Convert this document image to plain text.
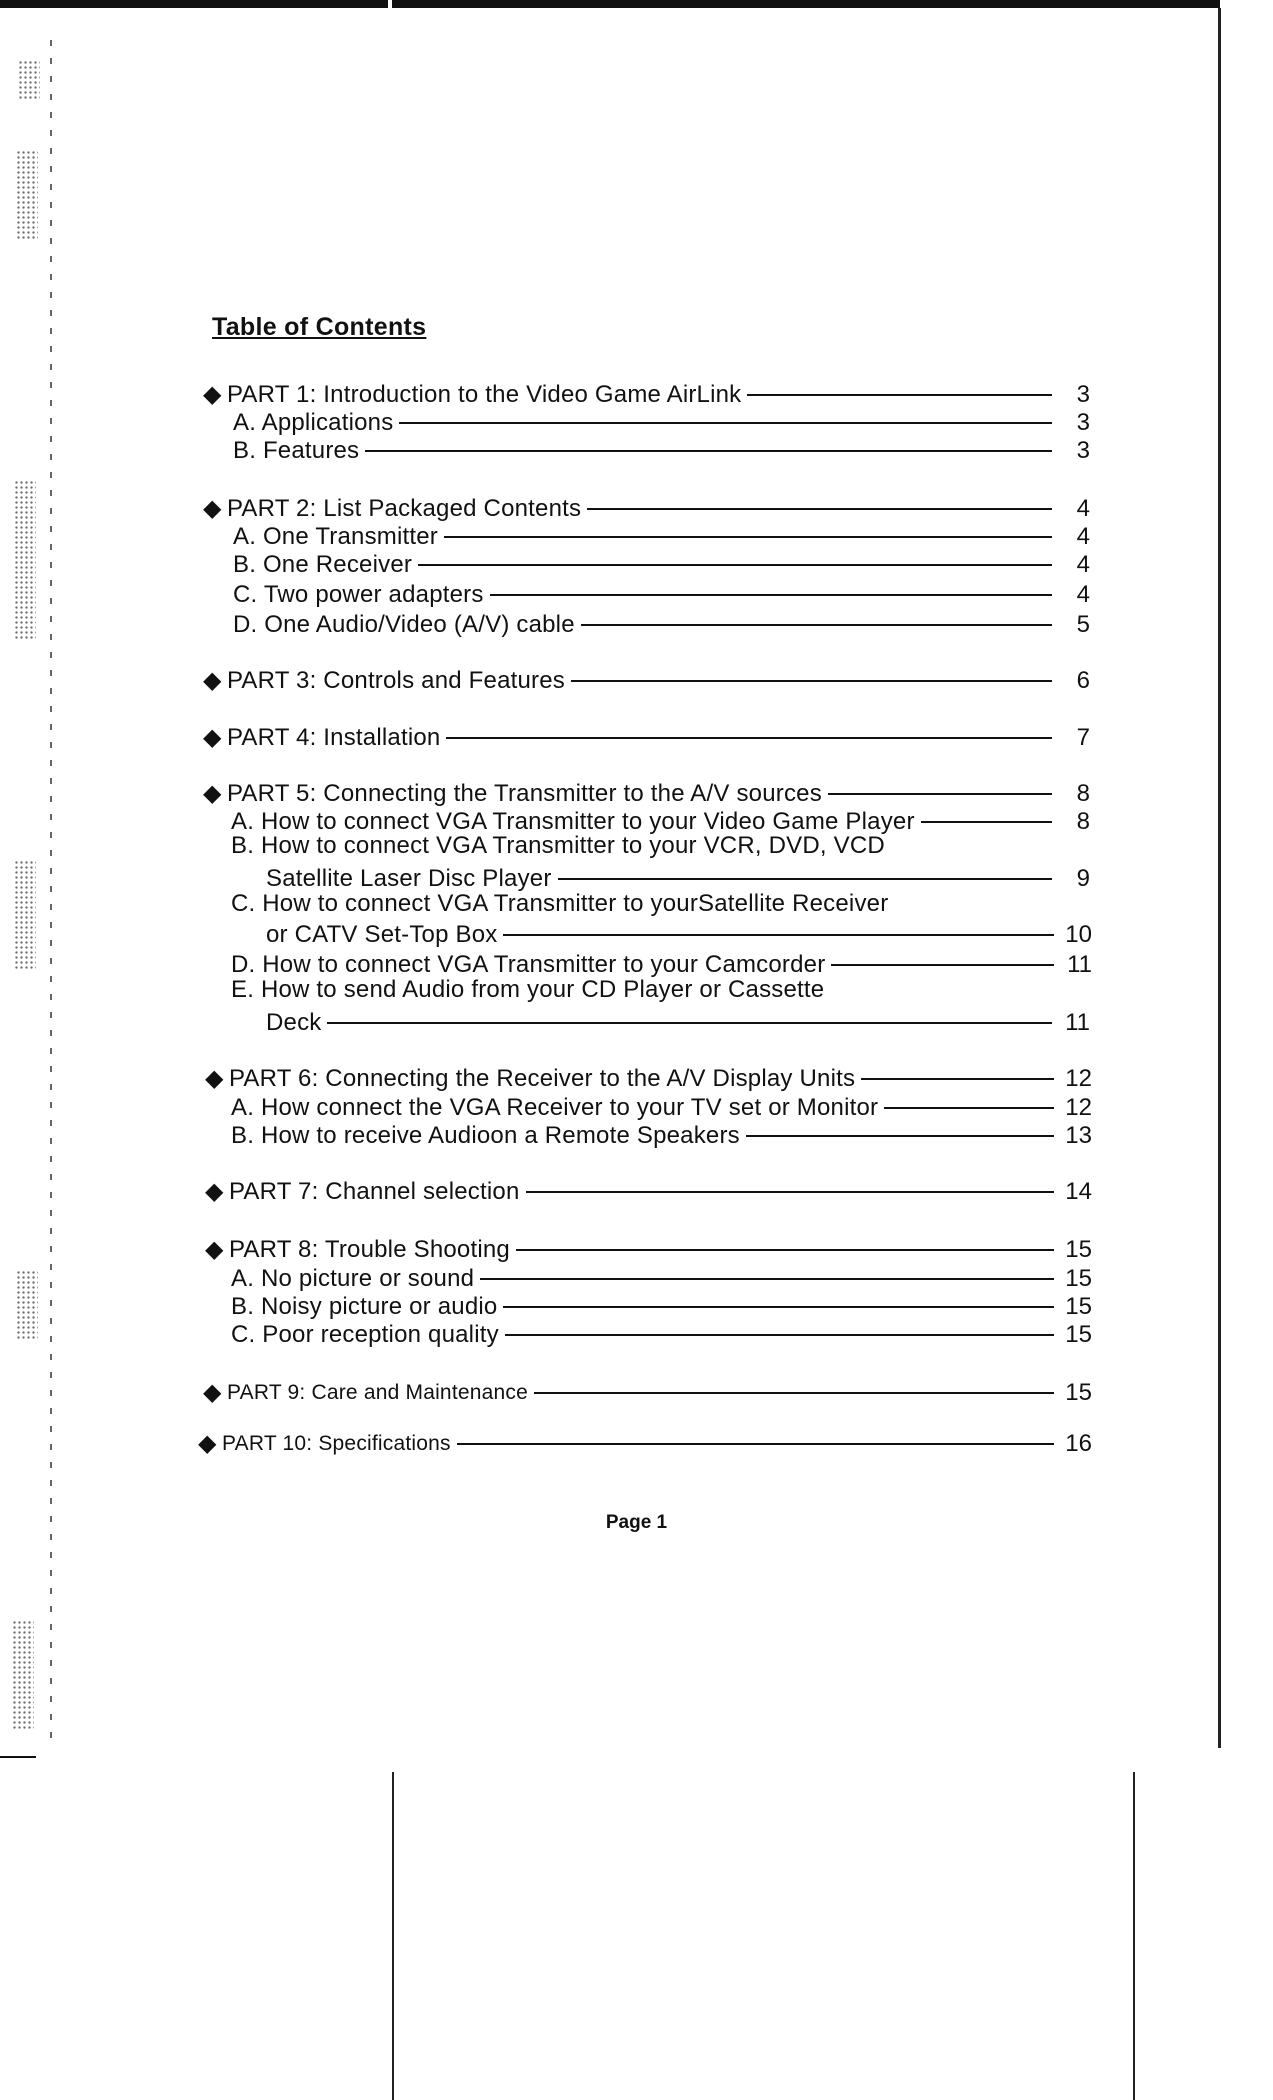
Table of Contents
◆ PART 1: Introduction to the Video Game AirLink	3
A. Applications	3
B. Features	3
◆ PART 2: List Packaged Contents	4
A. One Transmitter	4
B. One Receiver	4
C. Two power adapters	4
D. One Audio/Video (A/V) cable	5
◆ PART 3: Controls and Features	6
◆ PART 4: Installation	7
◆ PART 5: Connecting the Transmitter to the A/V sources	8
A. How to connect VGA Transmitter to your Video Game Player	8
B. How to connect VGA Transmitter to your VCR, DVD, VCD
Satellite Laser Disc Player	9
C. How to connect VGA Transmitter to yourSatellite Receiver
or CATV Set-Top Box	10
D. How to connect VGA Transmitter to your Camcorder	11
E. How to send Audio from your CD Player or Cassette
Deck	11
◆ PART 6: Connecting the Receiver to the A/V Display Units	12
A. How connect the VGA Receiver to your TV set or Monitor	12
B. How to receive Audioon a Remote Speakers	13
◆ PART 7: Channel selection	14
◆ PART 8: Trouble Shooting	15
A. No picture or sound	15
B. Noisy picture or audio	15
C. Poor reception quality	15
◆ PART 9: Care and Maintenance	15
◆ PART 10: Specifications	16
Page 1
